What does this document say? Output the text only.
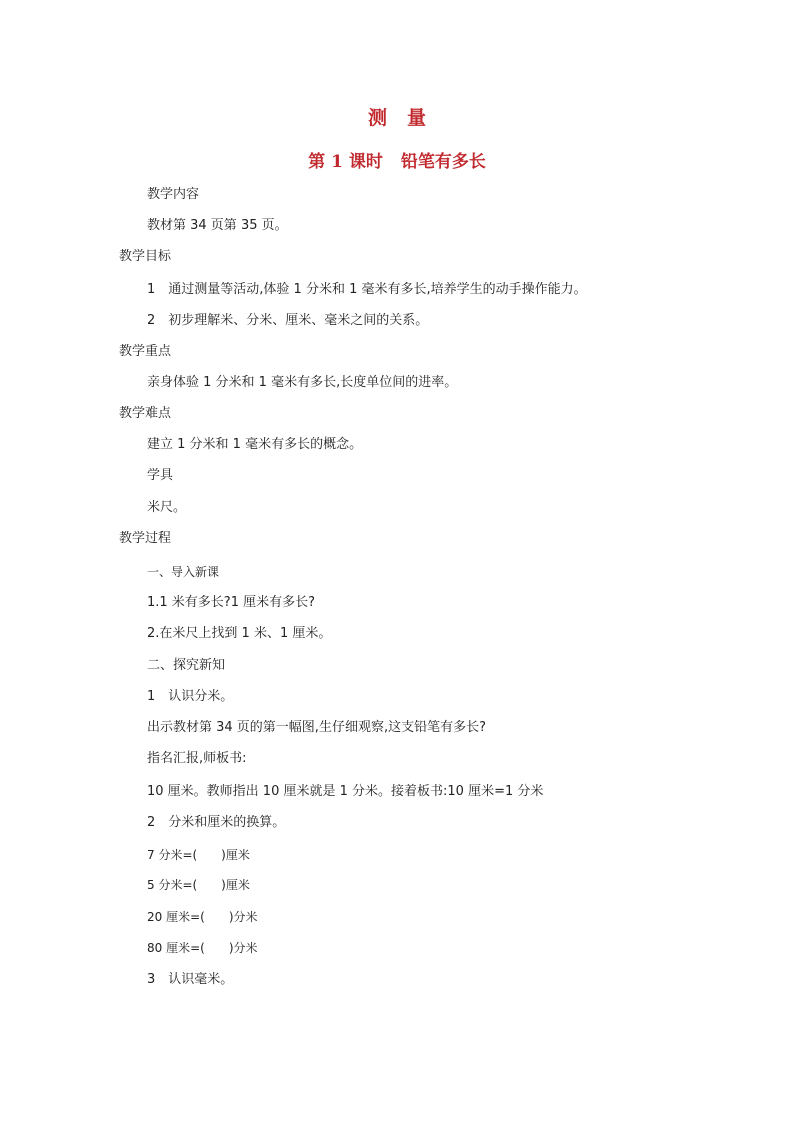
测 量
第 1 课时 铅笔有多长
教学内容
教材第 34 页第 35 页。
教学目标
1　通过测量等活动,体验 1 分米和 1 毫米有多长,培养学生的动手操作能力。
2　初步理解米、分米、厘米、毫米之间的关系。
教学重点
亲身体验 1 分米和 1 毫米有多长,长度单位间的进率。
教学难点
建立 1 分米和 1 毫米有多长的概念。
学具
米尺。
教学过程
一、导入新课
1.1 米有多长?1 厘米有多长?
2.在米尺上找到 1 米、1 厘米。
二、探究新知
1　认识分米。
出示教材第 34 页的第一幅图,生仔细观察,这支铅笔有多长?
指名汇报,师板书:
10 厘米。教师指出 10 厘米就是 1 分米。接着板书:10 厘米=1 分米
2　分米和厘米的换算。
7 分米=(　　)厘米
5 分米=(　　)厘米
20 厘米=(　　)分米
80 厘米=(　　)分米
3　认识毫米。
